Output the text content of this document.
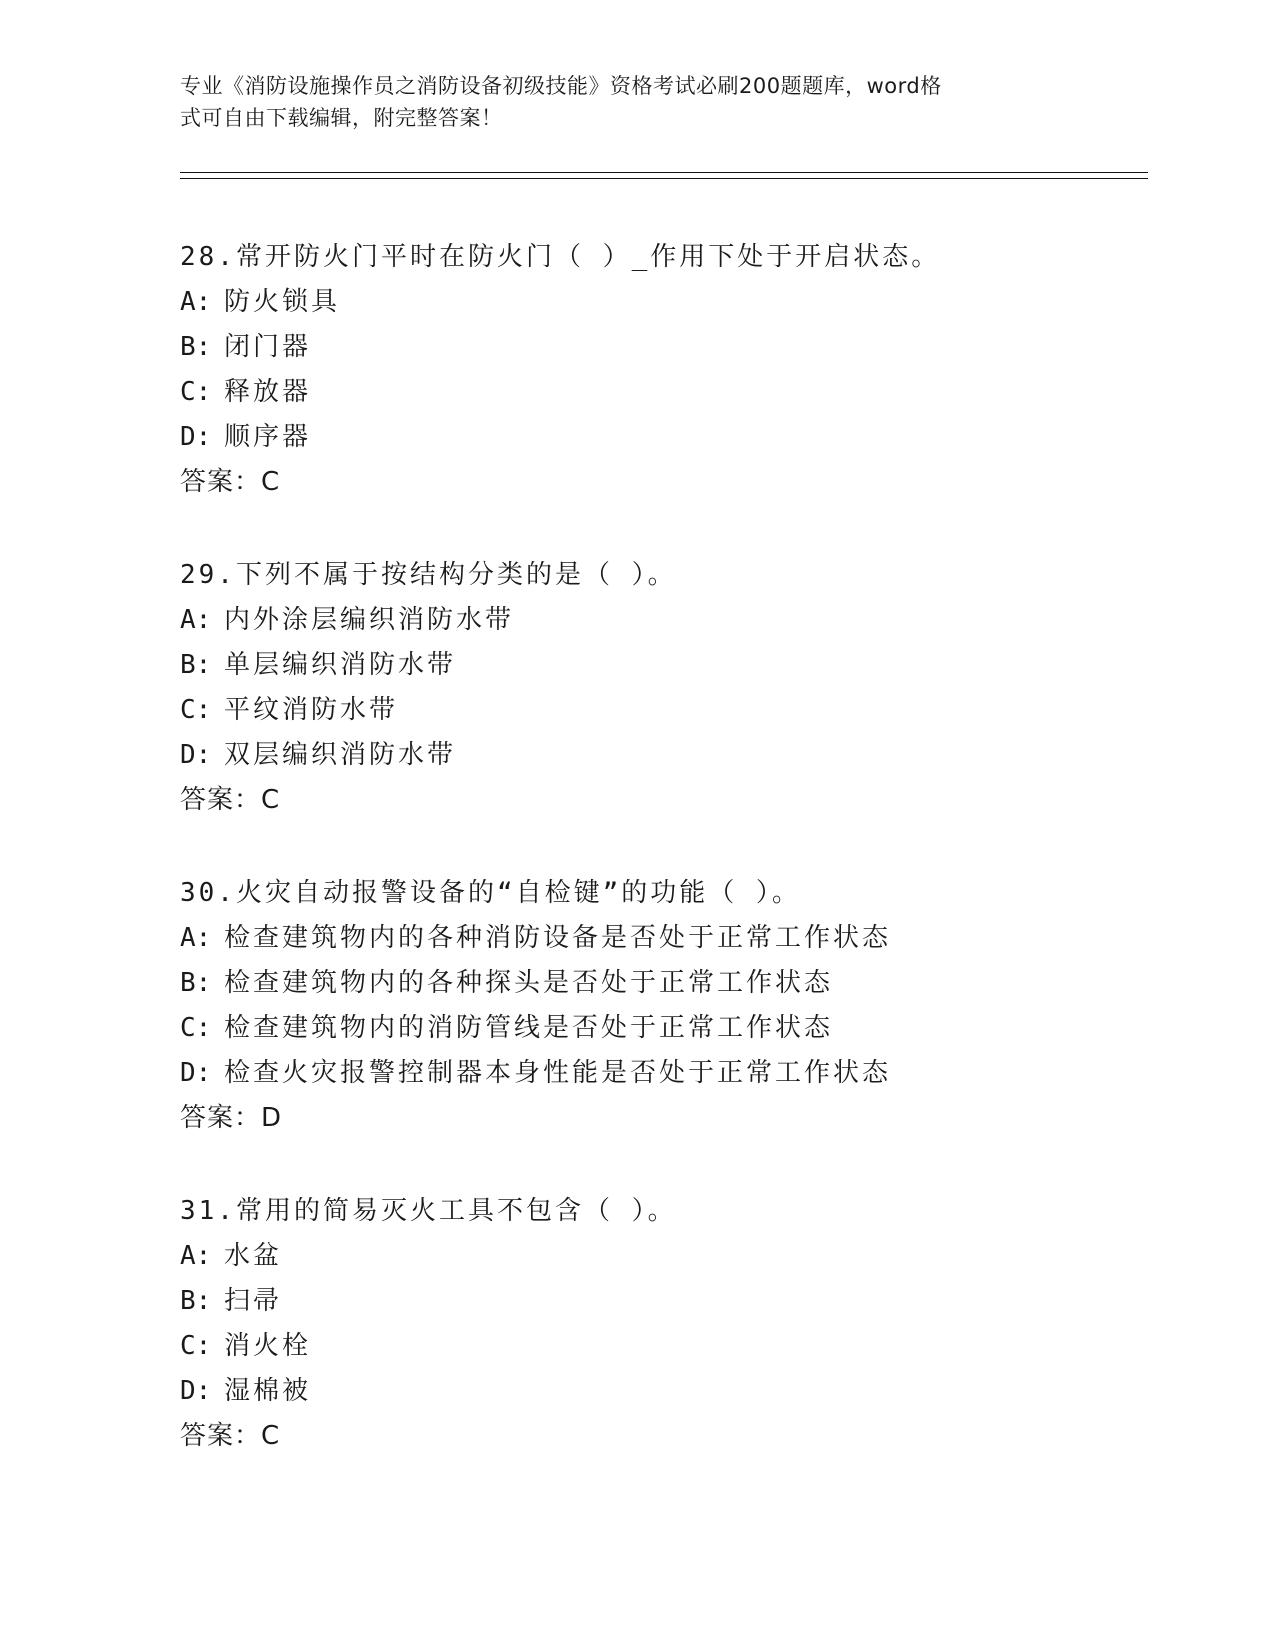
专业《消防设施操作员之消防设备初级技能》资格考试必刷200题题库，word格
式可自由下载编辑，附完整答案！
28.常开防火门平时在防火门（ ）_作用下处于开启状态。
A: 防火锁具
B: 闭门器
C: 释放器
D: 顺序器
答案：C
29.下列不属于按结构分类的是（ ）。
A: 内外涂层编织消防水带
B: 单层编织消防水带
C: 平纹消防水带
D: 双层编织消防水带
答案：C
30.火灾自动报警设备的“自检键”的功能（ ）。
A: 检查建筑物内的各种消防设备是否处于正常工作状态
B: 检查建筑物内的各种探头是否处于正常工作状态
C: 检查建筑物内的消防管线是否处于正常工作状态
D: 检查火灾报警控制器本身性能是否处于正常工作状态
答案：D
31.常用的简易灭火工具不包含（ ）。
A: 水盆
B: 扫帚
C: 消火栓
D: 湿棉被
答案：C
